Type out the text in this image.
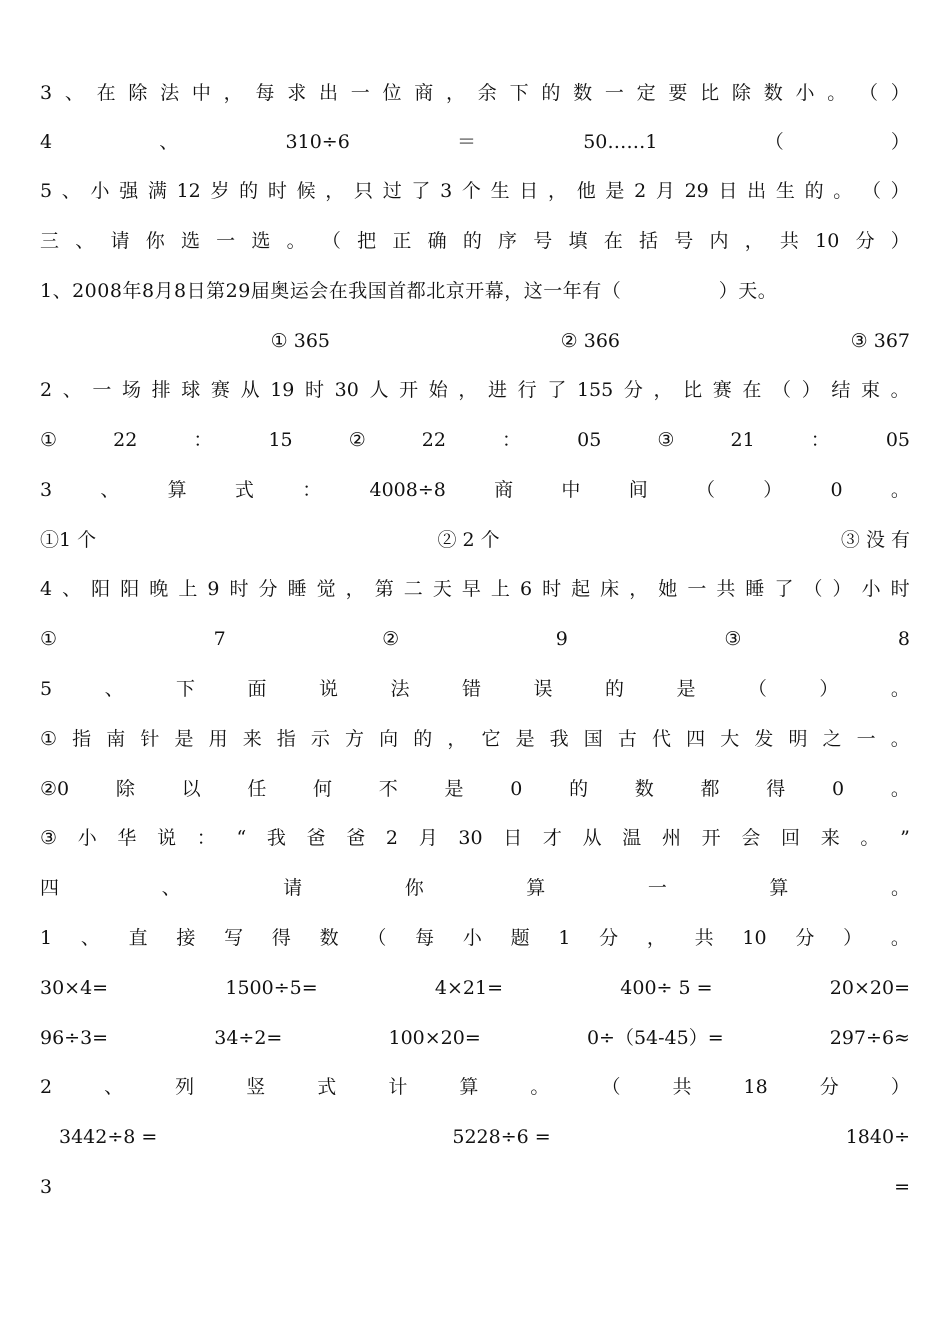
3 、 在 除 法 中 ， 每 求 出 一 位 商 ， 余 下 的 数 一 定 要 比 除 数 小 。 （ ）
4	、	310÷6	＝	50……1	（	）
5 、 小 强 满 12 岁 的 时 候 ， 只 过 了 3 个 生 日 ， 他 是 2 月 29 日 出 生 的 。 （ ）
三 、 请 你 选 一 选 。 （ 把 正 确 的 序 号 填 在 括 号 内 ， 共 10 分 ）
1、2008年8月8日第29届奥运会在我国首都北京开幕，这一年有（　　　　　）天。
① 365	② 366	③ 367
2 、 一 场 排 球 赛 从 19 时 30 人 开 始 ， 进 行 了 155 分 ， 比 赛 在 （ ） 结 束 。
①	22	：	15	②	22	：	05	③	21	：	05
3	、	算	式	：	4008÷8	商	中	间	（	）	0	。
①1 个	② 2 个	③ 没 有
4 、 阳 阳 晚 上 9 时 分 睡 觉 ， 第 二 天 早 上 6 时 起 床 ， 她 一 共 睡 了 （ ） 小 时
①	7	②	9	③	8
5	、	下	面	说	法	错	误	的	是	（	）	。
① 指 南 针 是 用 来 指 示 方 向 的 ， 它 是 我 国 古 代 四 大 发 明 之 一 。
②0 除 以 任 何 不 是 0 的 数 都 得 0 。
③ 小 华 说 ： “ 我 爸 爸 2 月 30 日 才 从 温 州 开 会 回 来 。 ”
四	、	请	你	算	一	算	。
1 、 直 接 写 得 数 （ 每 小 题 1 分 ， 共 10 分 ） 。
30×4=	1500÷5=	4×21=	400÷ 5 =	20×20=
96÷3=	34÷2=	100×20=	0÷（54-45）=	297÷6≈
2	、	列	竖	式	计	算	。	（	共	18	分	）
　3442÷8 =	5228÷6 =	1840÷
3	=
